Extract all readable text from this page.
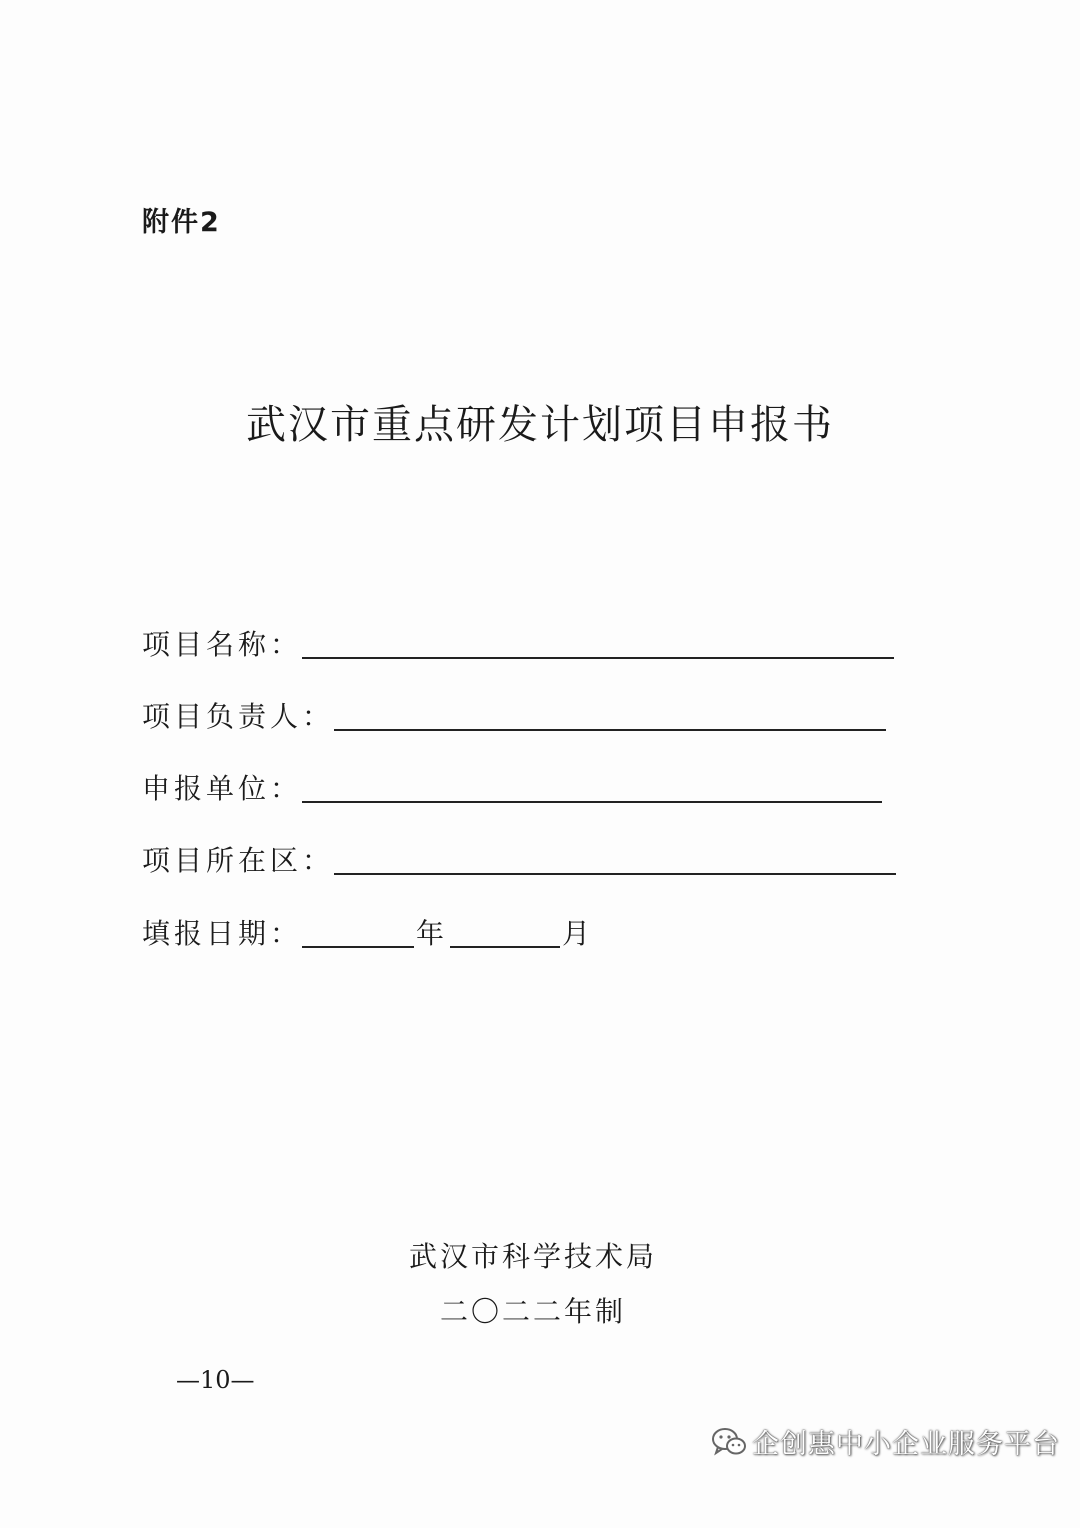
附件2
武汉市重点研发计划项目申报书
项目名称：
项目负责人：
申报单位：
项目所在区：
填报日期：	年	月
武汉市科学技术局
二〇二二年制
—10—
企创惠中小企业服务平台
